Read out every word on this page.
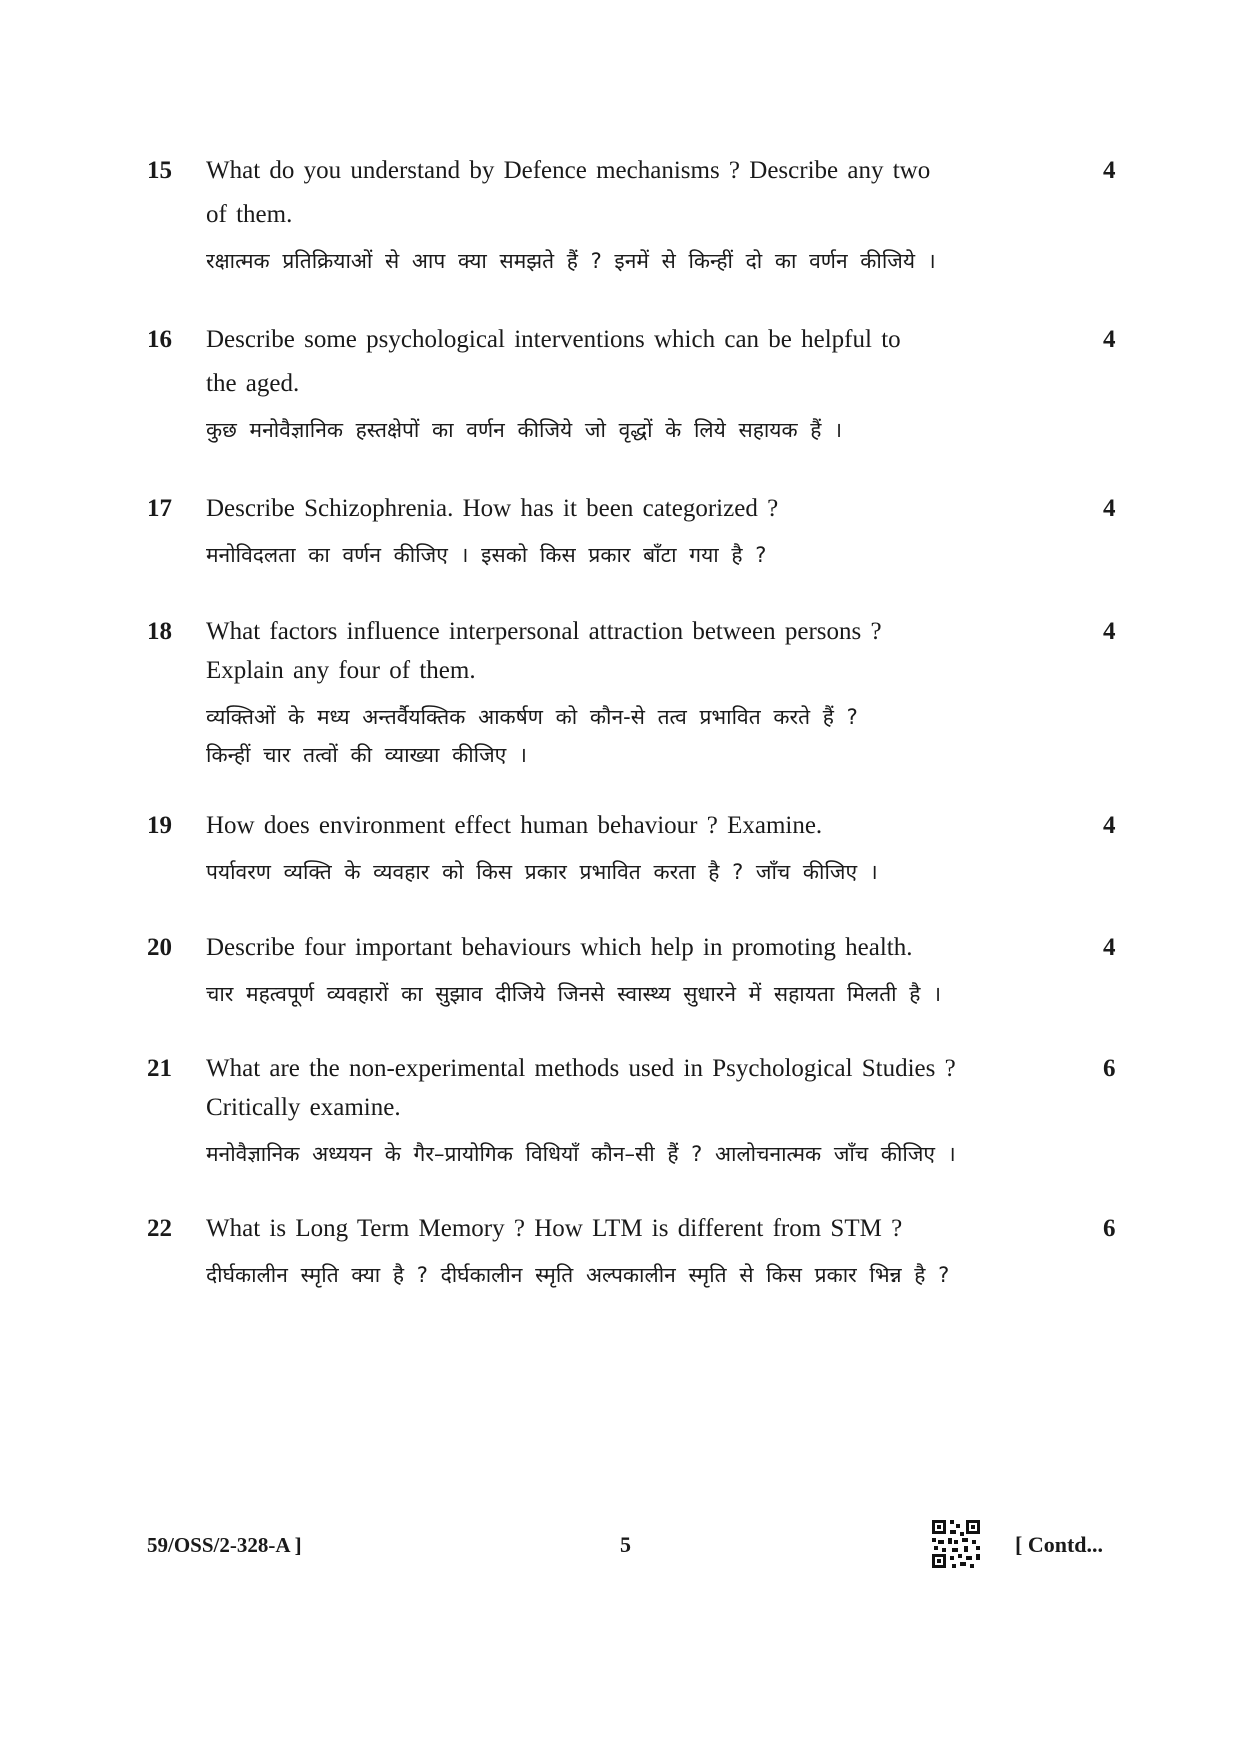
15 What do you understand by Defence mechanisms ? Describe any two

of them.

रक्षात्मक प्रतिक्रियाओं से आप क्या समझते हैं ? इनमें से किन्हीं दो का वर्णन कीजिये ।

4
16 Describe some psychological interventions which can be helpful to

the aged.

कुछ मनोवैज्ञानिक हस्तक्षेपों का वर्णन कीजिये जो वृद्धों के लिये सहायक हैं ।

4
17 Describe Schizophrenia. How has it been categorized ?

मनोविदलता का वर्णन कीजिए । इसको किस प्रकार बाँटा गया है ?

4
18 What factors influence interpersonal attraction between persons ?

Explain any four of them.

व्यक्तिओं के मध्य अन्तर्वैयक्तिक आकर्षण को कौन-से तत्व प्रभावित करते हैं ?

किन्हीं चार तत्वों की व्याख्या कीजिए ।

4
19 How does environment effect human behaviour ? Examine.

पर्यावरण व्यक्ति के व्यवहार को किस प्रकार प्रभावित करता है ? जाँच कीजिए ।

4
20 Describe four important behaviours which help in promoting health.

चार महत्वपूर्ण व्यवहारों का सुझाव दीजिये जिनसे स्वास्थ्य सुधारने में सहायता मिलती है ।

4
21 What are the non-experimental methods used in Psychological Studies ?

Critically examine.

मनोवैज्ञानिक अध्ययन के गैर–प्रायोगिक विधियाँ कौन–सी हैं ? आलोचनात्मक जाँच कीजिए ।

6
22 What is Long Term Memory ? How LTM is different from STM ?

दीर्घकालीन स्मृति क्या है ? दीर्घकालीन स्मृति अल्पकालीन स्मृति से किस प्रकार भिन्न है ?

6
59/OSS/2-328-A ]	5	[ Contd...
